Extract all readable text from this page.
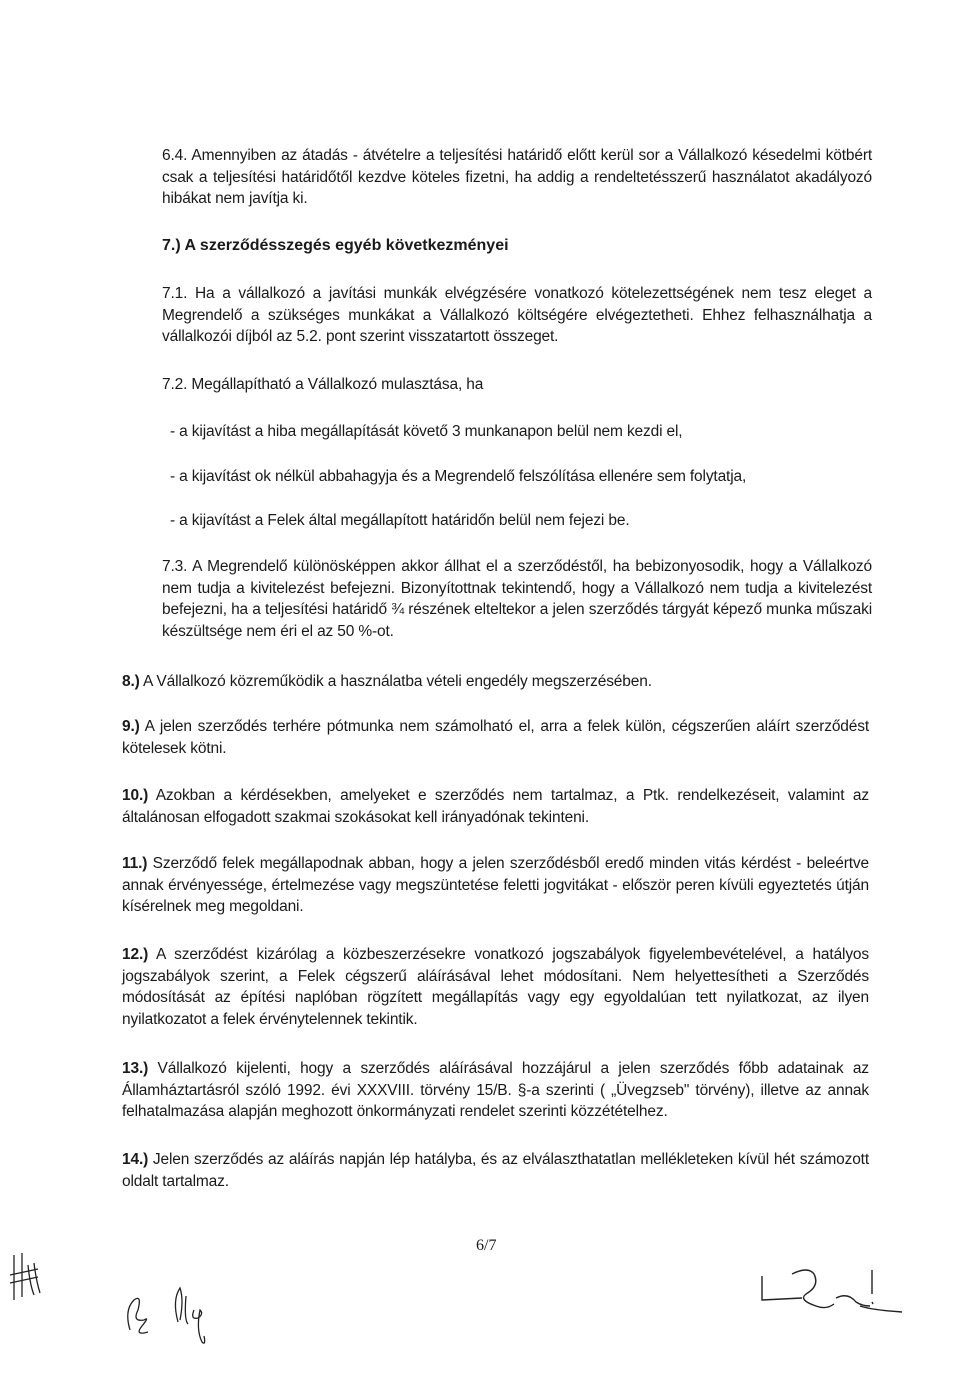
6.4. Amennyiben az átadás - átvételre a teljesítési határidő előtt kerül sor a Vállalkozó késedelmi kötbért csak a teljesítési határidőtől kezdve köteles fizetni, ha addig a rendeltetésszerű használatot akadályozó hibákat nem javítja ki.
7.) A szerződésszegés egyéb következményei
7.1. Ha a vállalkozó a javítási munkák elvégzésére vonatkozó kötelezettségének nem tesz eleget a Megrendelő a szükséges munkákat a Vállalkozó költségére elvégeztetheti. Ehhez felhasználhatja a vállalkozói díjból az 5.2. pont szerint visszatartott összeget.
7.2. Megállapítható a Vállalkozó mulasztása, ha
- a kijavítást a hiba megállapítását követő 3 munkanapon belül nem kezdi el,
- a kijavítást ok nélkül abbahagyja és a Megrendelő felszólítása ellenére sem folytatja,
- a kijavítást a Felek által megállapított határidőn belül nem fejezi be.
7.3. A Megrendelő különösképpen akkor állhat el a szerződéstől, ha bebizonyosodik, hogy a Vállalkozó nem tudja a kivitelezést befejezni. Bizonyítottnak tekintendő, hogy a Vállalkozó nem tudja a kivitelezést befejezni, ha a teljesítési határidő ¾ részének elteltekor a jelen szerződés tárgyát képező munka műszaki készültsége nem éri el az 50 %-ot.
8.) A Vállalkozó közreműködik a használatba vételi engedély megszerzésében.
9.) A jelen szerződés terhére pótmunka nem számolható el, arra a felek külön, cégszerűen aláírt szerződést kötelesek kötni.
10.) Azokban a kérdésekben, amelyeket e szerződés nem tartalmaz, a Ptk. rendelkezéseit, valamint az általánosan elfogadott szakmai szokásokat kell irányadónak tekinteni.
11.) Szerződő felek megállapodnak abban, hogy a jelen szerződésből eredő minden vitás kérdést - beleértve annak érvényessége, értelmezése vagy megszüntetése feletti jogvitákat - először peren kívüli egyeztetés útján kísérelnek meg megoldani.
12.) A szerződést kizárólag a közbeszerzésekre vonatkozó jogszabályok figyelembevételével, a hatályos jogszabályok szerint, a Felek cégszerű aláírásával lehet módosítani. Nem helyettesítheti a Szerződés módosítását az építési naplóban rögzített megállapítás vagy egy egyoldalúan tett nyilatkozat, az ilyen nyilatkozatot a felek érvénytelennek tekintik.
13.) Vállalkozó kijelenti, hogy a szerződés aláírásával hozzájárul a jelen szerződés főbb adatainak az Államháztartásról szóló 1992. évi XXXVIII. törvény 15/B. §-a szerinti ( „Üvegzseb" törvény), illetve az annak felhatalmazása alapján meghozott önkormányzati rendelet szerinti közzétételhez.
14.) Jelen szerződés az aláírás napján lép hatályba, és az elválaszthatatlan mellékleteken kívül hét számozott oldalt tartalmaz.
6/7
